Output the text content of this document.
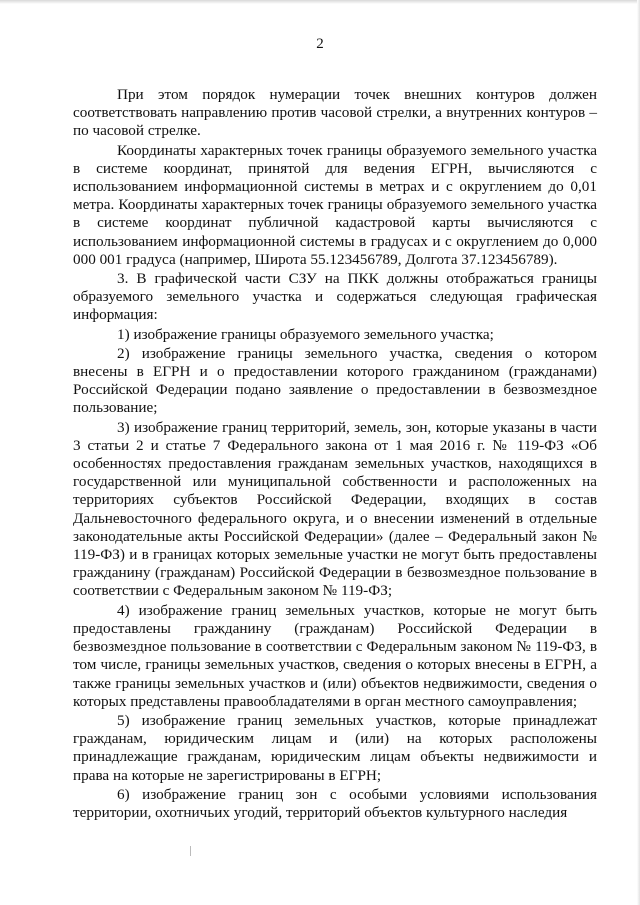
2

При этом порядок нумерации точек внешних контуров должен соответствовать направлению против часовой стрелки, а внутренних контуров – по часовой стрелке.

Координаты характерных точек границы образуемого земельного участка в системе координат, принятой для ведения ЕГРН, вычисляются с использованием информационной системы в метрах и с округлением до 0,01 метра. Координаты характерных точек границы образуемого земельного участка в системе координат публичной кадастровой карты вычисляются с использованием информационной системы в градусах и с округлением до 0,000 000 001 градуса (например, Широта 55.123456789, Долгота 37.123456789).

3. В графической части СЗУ на ПКК должны отображаться границы образуемого земельного участка и содержаться следующая графическая информация:

1) изображение границы образуемого земельного участка;

2) изображение границы земельного участка, сведения о котором внесены в ЕГРН и о предоставлении которого гражданином (гражданами) Российской Федерации подано заявление о предоставлении в безвозмездное пользование;

3) изображение границ территорий, земель, зон, которые указаны в части 3 статьи 2 и статье 7 Федерального закона от 1 мая 2016 г. № 119-ФЗ «Об особенностях предоставления гражданам земельных участков, находящихся в государственной или муниципальной собственности и расположенных на территориях субъектов Российской Федерации, входящих в состав Дальневосточного федерального округа, и о внесении изменений в отдельные законодательные акты Российской Федерации» (далее – Федеральный закон № 119-ФЗ) и в границах которых земельные участки не могут быть предоставлены гражданину (гражданам) Российской Федерации в безвозмездное пользование в соответствии с Федеральным законом № 119-ФЗ;

4) изображение границ земельных участков, которые не могут быть предоставлены гражданину (гражданам) Российской Федерации в безвозмездное пользование в соответствии с Федеральным законом № 119-ФЗ, в том числе, границы земельных участков, сведения о которых внесены в ЕГРН, а также границы земельных участков и (или) объектов недвижимости, сведения о которых представлены правообладателями в орган местного самоуправления;

5) изображение границ земельных участков, которые принадлежат гражданам, юридическим лицам и (или) на которых расположены принадлежащие гражданам, юридическим лицам объекты недвижимости и права на которые не зарегистрированы в ЕГРН;

6) изображение границ зон с особыми условиями использования территории, охотничьих угодий, территорий объектов культурного наследия
